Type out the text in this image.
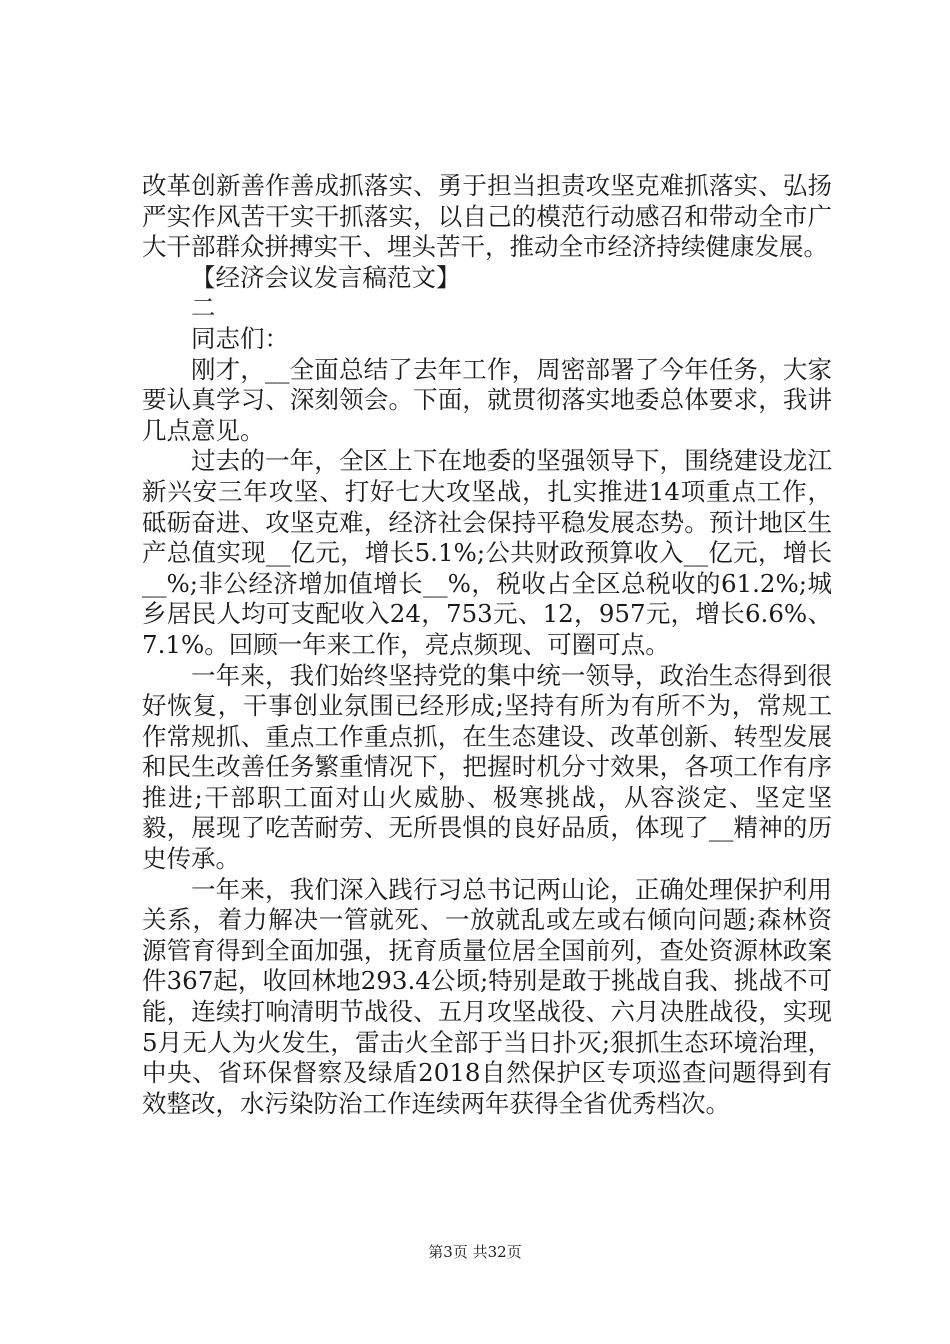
改革创新善作善成抓落实、勇于担当担责攻坚克难抓落实、弘扬严实作风苦干实干抓落实，以自己的模范行动感召和带动全市广大干部群众拼搏实干、埋头苦干，推动全市经济持续健康发展。

【经济会议发言稿范文】

二

同志们：

刚才，__全面总结了去年工作，周密部署了今年任务，大家要认真学习、深刻领会。下面，就贯彻落实地委总体要求，我讲几点意见。

过去的一年，全区上下在地委的坚强领导下，围绕建设龙江新兴安三年攻坚、打好七大攻坚战，扎实推进14项重点工作，砥砺奋进、攻坚克难，经济社会保持平稳发展态势。预计地区生产总值实现__亿元，增长5.1%;公共财政预算收入__亿元，增长__%;非公经济增加值增长__%，税收占全区总税收的61.2%;城乡居民人均可支配收入24，753元、12，957元，增长6.6%、7.1%。回顾一年来工作，亮点频现、可圈可点。

一年来，我们始终坚持党的集中统一领导，政治生态得到很好恢复，干事创业氛围已经形成;坚持有所为有所不为，常规工作常规抓、重点工作重点抓，在生态建设、改革创新、转型发展和民生改善任务繁重情况下，把握时机分寸效果，各项工作有序推进;干部职工面对山火威胁、极寒挑战，从容淡定、坚定坚毅，展现了吃苦耐劳、无所畏惧的良好品质，体现了__精神的历史传承。

一年来，我们深入践行习总书记两山论，正确处理保护利用关系，着力解决一管就死、一放就乱或左或右倾向问题;森林资源管育得到全面加强，抚育质量位居全国前列，查处资源林政案件367起，收回林地293.4公顷;特别是敢于挑战自我、挑战不可能，连续打响清明节战役、五月攻坚战役、六月决胜战役，实现5月无人为火发生，雷击火全部于当日扑灭;狠抓生态环境治理，中央、省环保督察及绿盾2018自然保护区专项巡查问题得到有效整改，水污染防治工作连续两年获得全省优秀档次。

第3页 共32页
